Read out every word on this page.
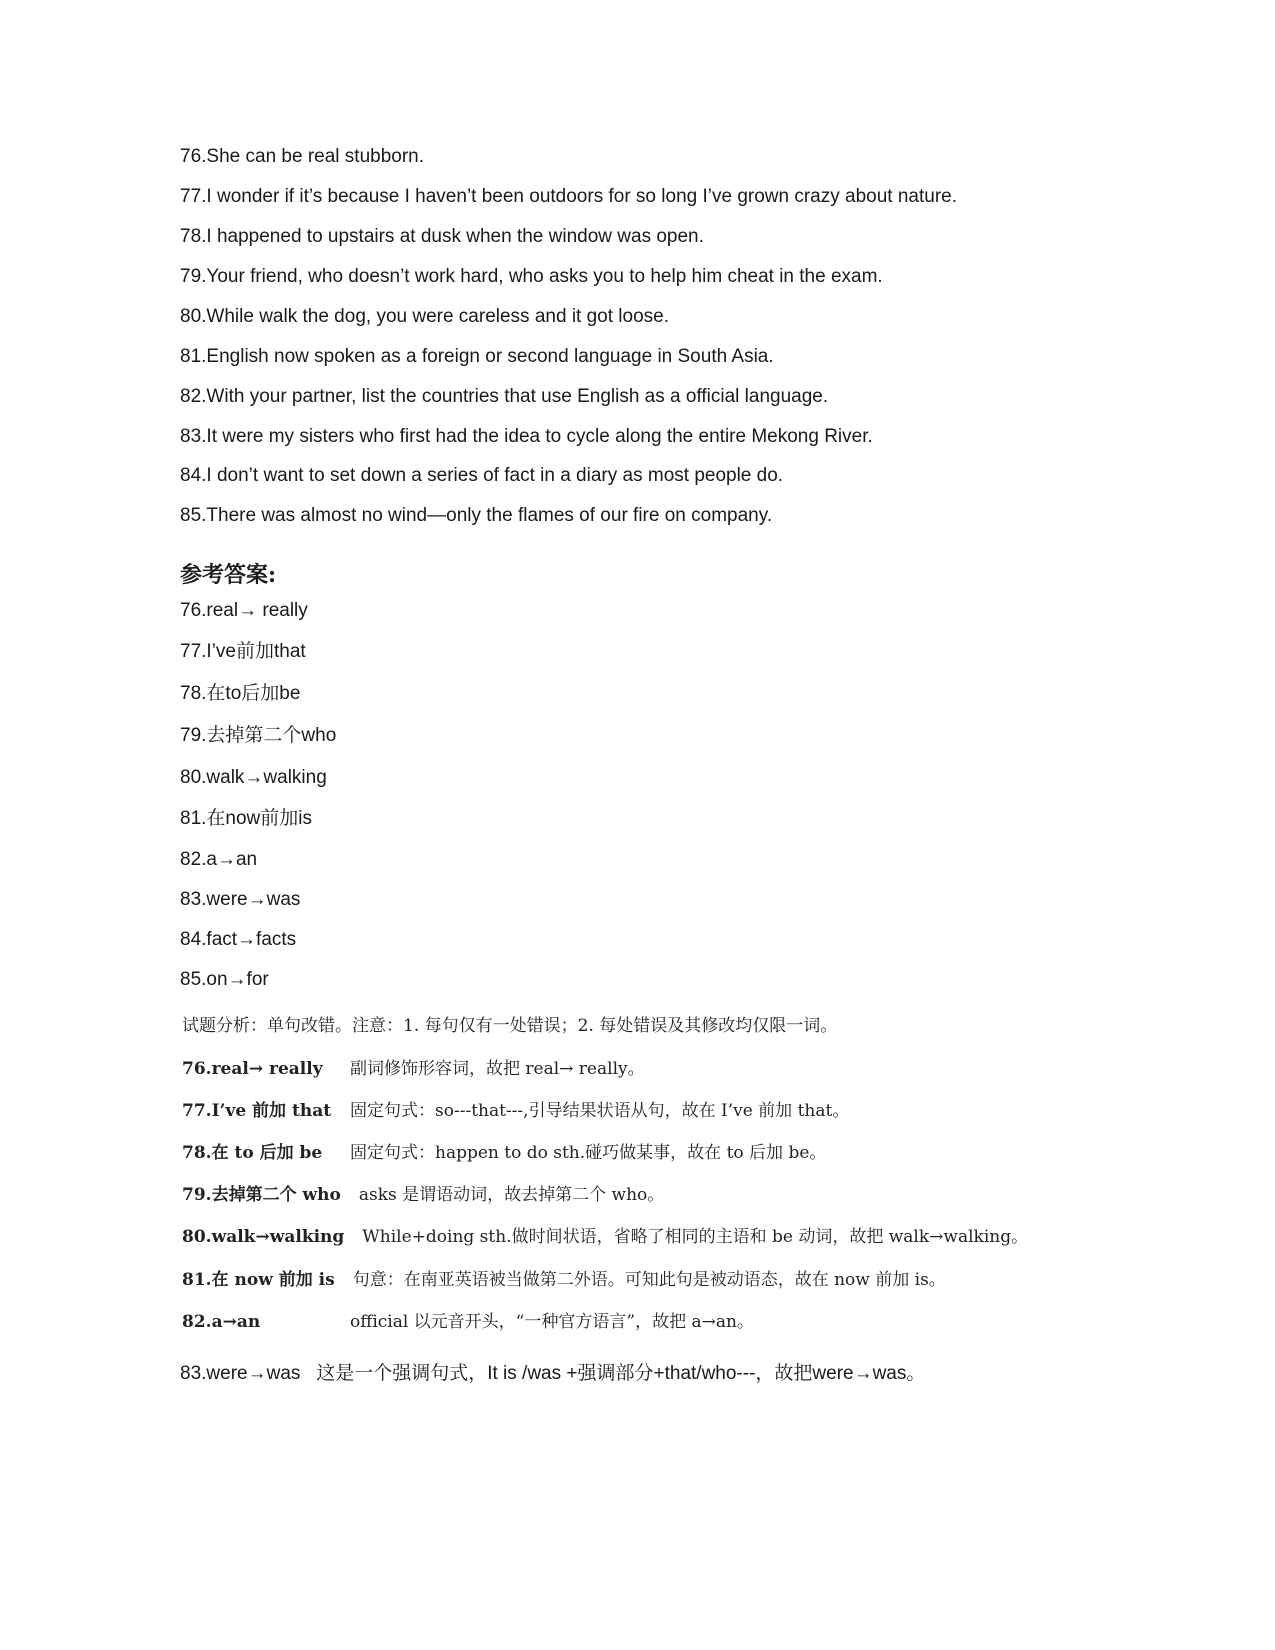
76.She can be real stubborn.
77.I wonder if it’s because I haven’t been outdoors for so long I’ve grown crazy about nature.
78.I happened to upstairs at dusk when the window was open.
79.Your friend, who doesn’t work hard, who asks you to help him cheat in the exam.
80.While walk the dog, you were careless and it got loose.
81.English now spoken as a foreign or second language in South Asia.
82.With your partner, list the countries that use English as a official language.
83.It were my sisters who first had the idea to cycle along the entire Mekong River.
84.I don’t want to set down a series of fact in a diary as most people do.
85.There was almost no wind—only the flames of our fire on company.
参考答案:
76.real→ really
77.I’ve前加that
78.在to后加be
79.去掉第二个who
80.walk→walking
81.在now前加is
82.a→an
83.were→was
84.fact→facts
85.on→for
试题分析：单句改错。注意：1. 每句仅有一处错误；2. 每处错误及其修改均仅限一词。
76.real→ really 副词修饰形容词，故把 real→ really。
77.I’ve 前加 that 固定句式：so---that---,引导结果状语从句，故在 I’ve 前加 that。
78.在 to 后加 be 固定句式：happen to do sth.碰巧做某事，故在 to 后加 be。
79.去掉第二个 who asks 是谓语动词，故去掉第二个 who。
80.walk→walking While+doing sth.做时间状语，省略了相同的主语和 be 动词，故把 walk→walking。
81.在 now 前加 is 句意：在南亚英语被当做第二外语。可知此句是被动语态，故在 now 前加 is。
82.a→an	official 以元音开头，“一种官方语言”，故把 a→an。
83.were→was   这是一个强调句式，It is /was +强调部分+that/who---，故把were→was。
